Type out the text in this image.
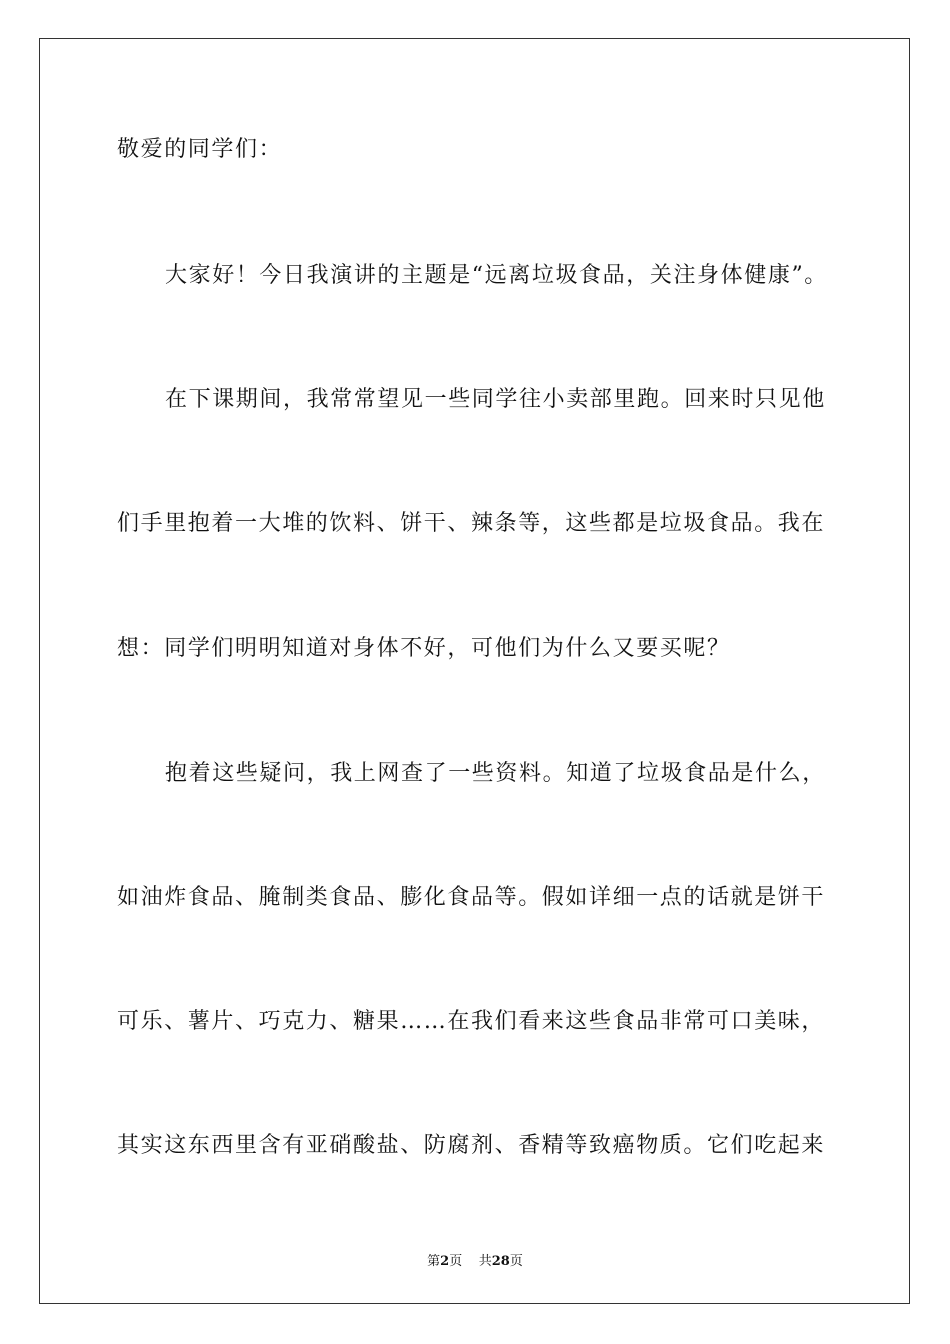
敬爱的同学们：
大家好！今日我演讲的主题是“远离垃圾食品，关注身体健康”。
在下课期间，我常常望见一些同学往小卖部里跑。回来时只见他
们手里抱着一大堆的饮料、饼干、辣条等，这些都是垃圾食品。我在
想：同学们明明知道对身体不好，可他们为什么又要买呢？
抱着这些疑问，我上网查了一些资料。知道了垃圾食品是什么，
如油炸食品、腌制类食品、膨化食品等。假如详细一点的话就是饼干
可乐、薯片、巧克力、糖果……在我们看来这些食品非常可口美味，
其实这东西里含有亚硝酸盐、防腐剂、香精等致癌物质。它们吃起来
第2页 共28页
